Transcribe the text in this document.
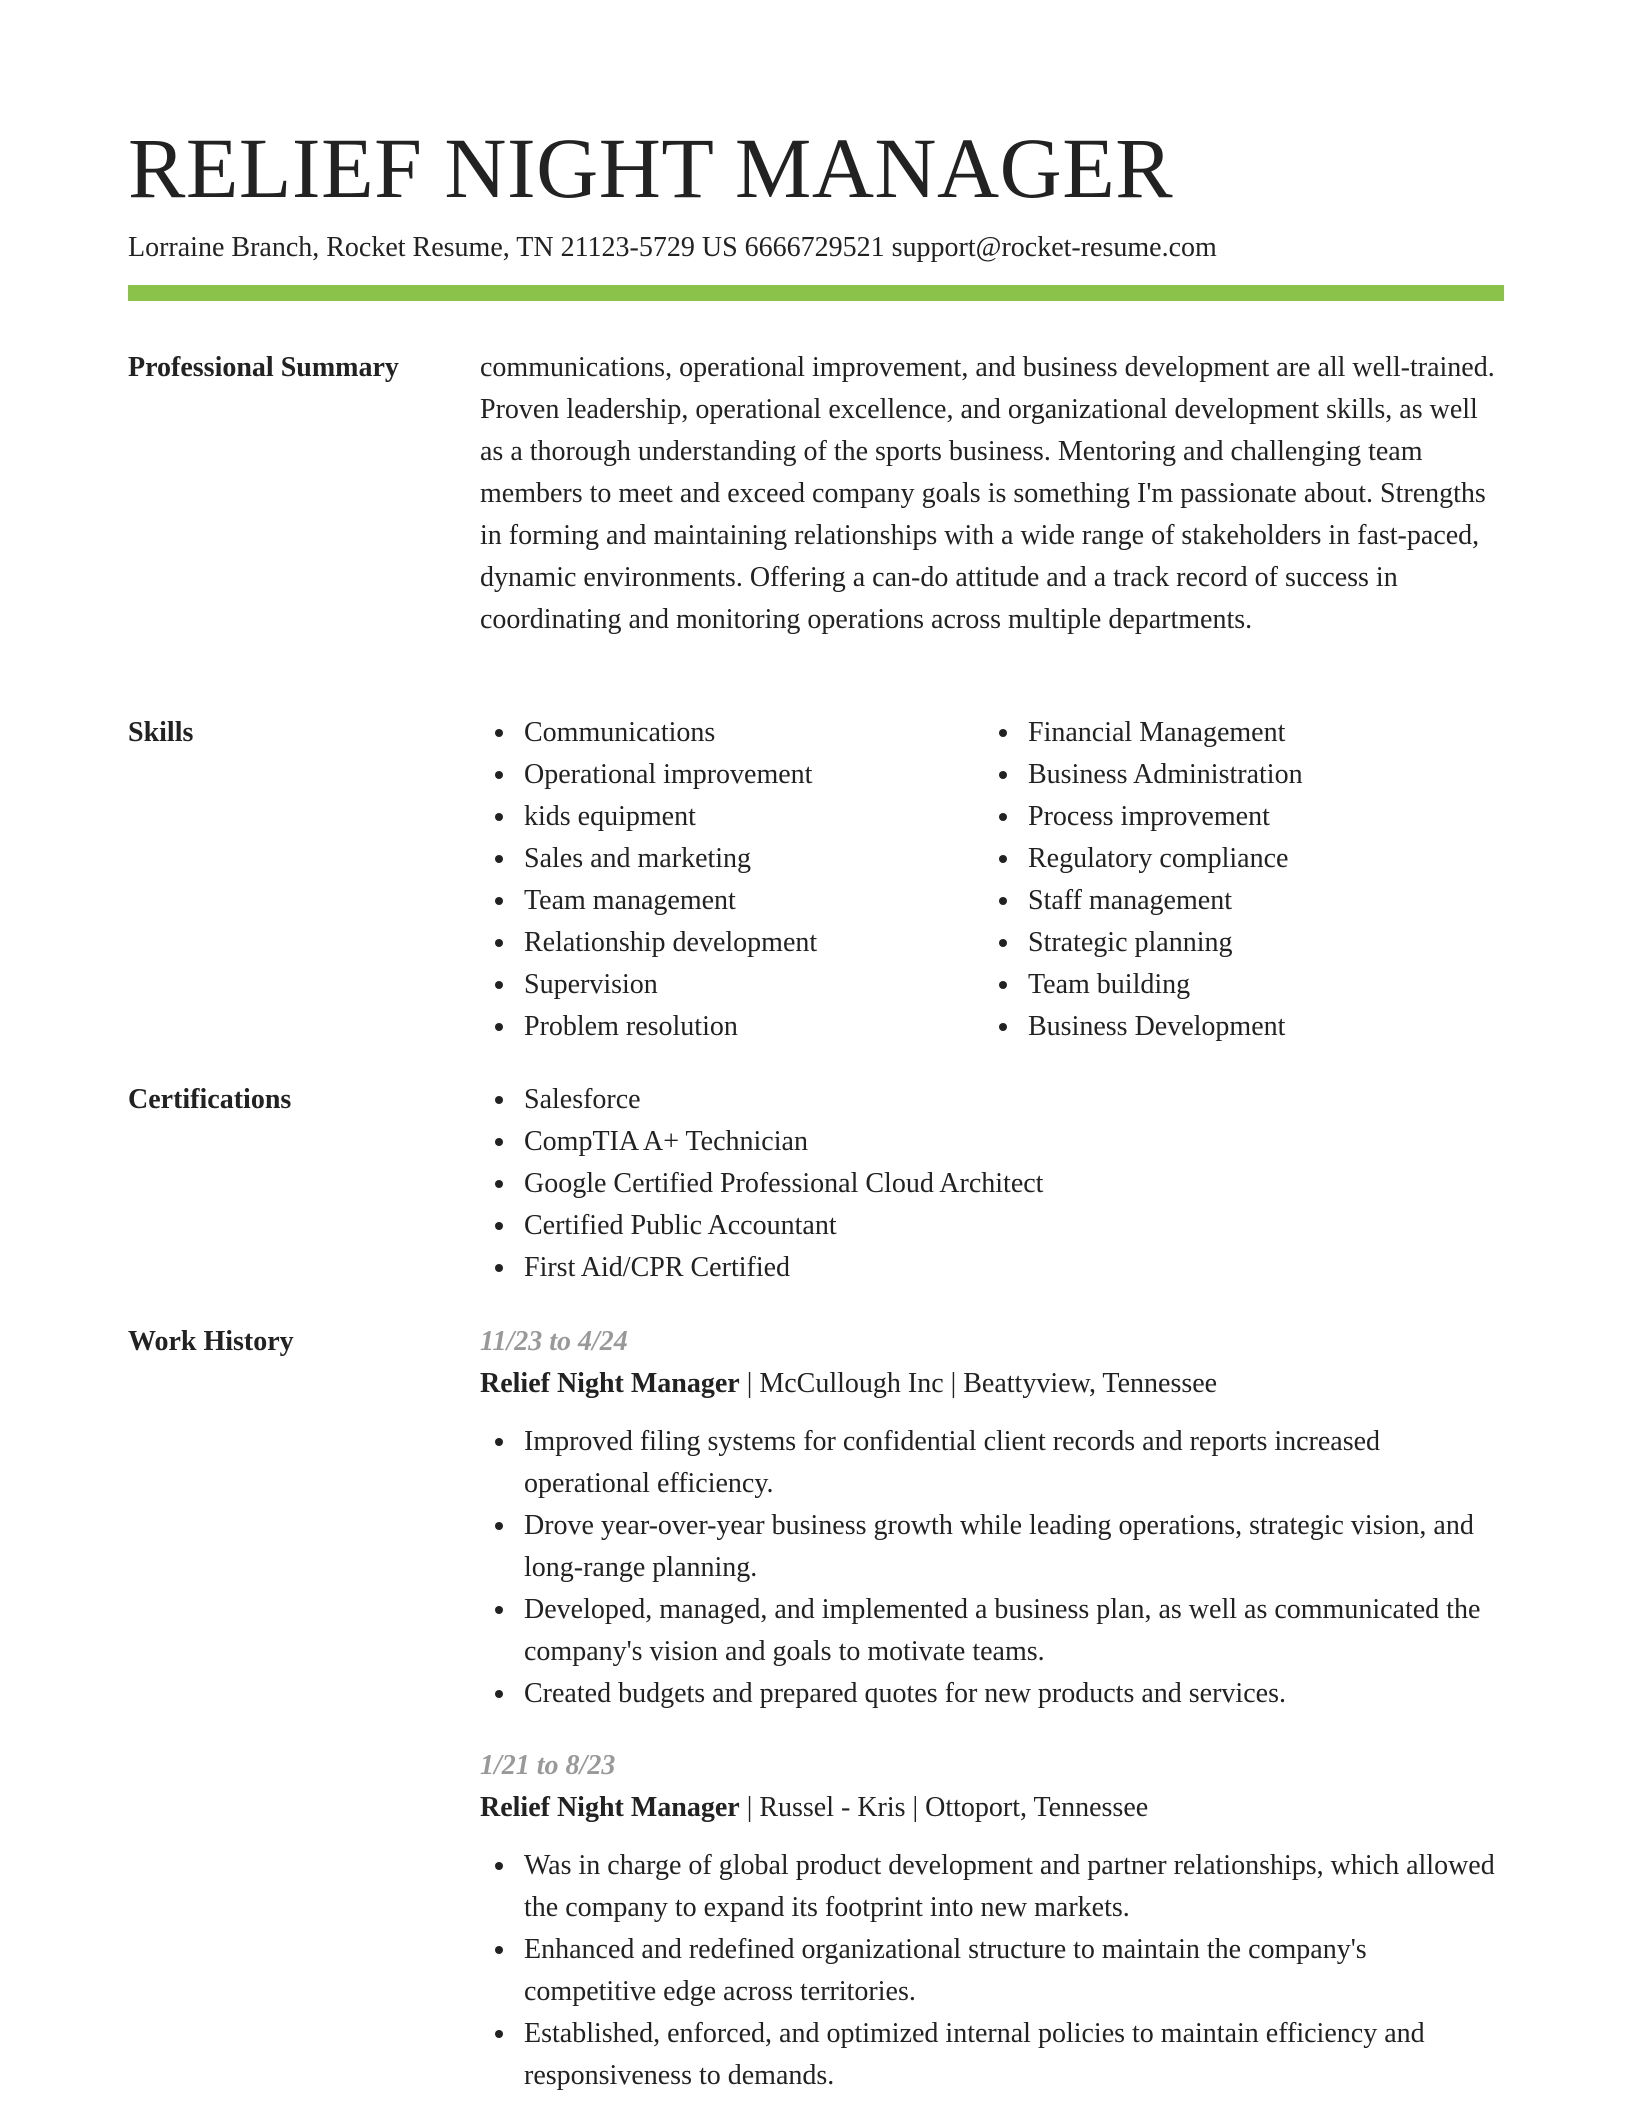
RELIEF NIGHT MANAGER
Lorraine Branch, Rocket Resume, TN 21123-5729 US 6666729521 support@rocket-resume.com
Professional Summary	communications, operational improvement, and business development are all well-trained. Proven leadership, operational excellence, and organizational development skills, as well as a thorough understanding of the sports business. Mentoring and challenging team members to meet and exceed company goals is something I'm passionate about. Strengths in forming and maintaining relationships with a wide range of stakeholders in fast-paced, dynamic environments. Offering a can-do attitude and a track record of success in coordinating and monitoring operations across multiple departments.

Skills	Communications
Operational improvement
kids equipment
Sales and marketing
Team management
Relationship development
Supervision
Problem resolution
Financial Management
Business Administration
Process improvement
Regulatory compliance
Staff management
Strategic planning
Team building
Business Development
Certifications	Salesforce
CompTIA A+ Technician
Google Certified Professional Cloud Architect
Certified Public Accountant
First Aid/CPR Certified
Work History	11/23 to 4/24
Relief Night Manager | McCullough Inc | Beattyview, Tennessee
Improved filing systems for confidential client records and reports increased operational efficiency.
Drove year-over-year business growth while leading operations, strategic vision, and long-range planning.
Developed, managed, and implemented a business plan, as well as communicated the company's vision and goals to motivate teams.
Created budgets and prepared quotes for new products and services.
1/21 to 8/23
Relief Night Manager | Russel - Kris | Ottoport, Tennessee
Was in charge of global product development and partner relationships, which allowed the company to expand its footprint into new markets.
Enhanced and redefined organizational structure to maintain the company's competitive edge across territories.
Established, enforced, and optimized internal policies to maintain efficiency and responsiveness to demands.
